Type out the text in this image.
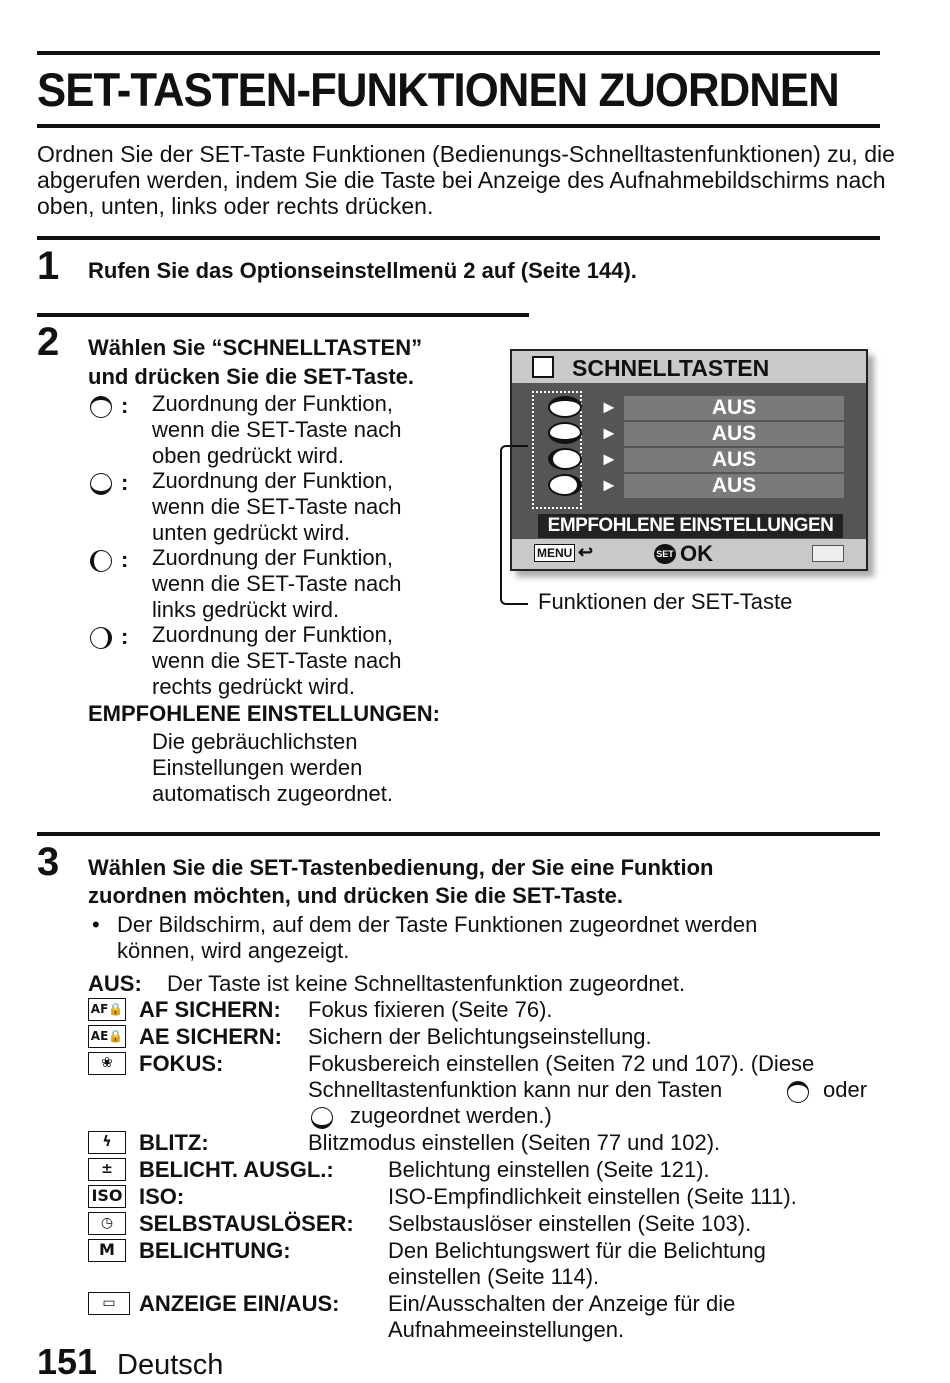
SET-TASTEN-FUNKTIONEN ZUORDNEN
Ordnen Sie der SET-Taste Funktionen (Bedienungs-Schnelltastenfunktionen) zu, die abgerufen werden, indem Sie die Taste bei Anzeige des Aufnahmebildschirms nach oben, unten, links oder rechts drücken.
1 Rufen Sie das Optionseinstellmenü 2 auf (Seite 144).
2 Wählen Sie “SCHNELLTASTEN”
und drücken Sie die SET-Taste.
: Zuordnung der Funktion,
wenn die SET-Taste nach
oben gedrückt wird.
: Zuordnung der Funktion,
wenn die SET-Taste nach
unten gedrückt wird.
: Zuordnung der Funktion,
wenn die SET-Taste nach
links gedrückt wird.
: Zuordnung der Funktion,
wenn die SET-Taste nach
rechts gedrückt wird.
EMPFOHLENE EINSTELLUNGEN:
Die gebräuchlichsten
Einstellungen werden
automatisch zugeordnet.
SCHNELLTASTEN
►
►
►
►
AUS
AUS
AUS
AUS
EMPFOHLENE EINSTELLUNGEN
MENU ↩	SET OK
Funktionen der SET-Taste
3 Wählen Sie die SET-Tastenbedienung, der Sie eine Funktion
zuordnen möchten, und drücken Sie die SET-Taste.
• Der Bildschirm, auf dem der Taste Funktionen zugeordnet werden
können, wird angezeigt.
AUS: Der Taste ist keine Schnelltastenfunktion zugeordnet.
AF🔒 AF SICHERN: Fokus fixieren (Seite 76).
AE🔒 AE SICHERN: Sichern der Belichtungseinstellung.
❀	FOKUS:	Fokusbereich einstellen (Seiten 72 und 107). (Diese
Schnelltastenfunktion kann nur den Tasten	oder
zugeordnet werden.)
ϟ	BLITZ:	Blitzmodus einstellen (Seiten 77 und 102).
±	BELICHT. AUSGL.: Belichtung einstellen (Seite 121).
ISO ISO:	ISO-Empfindlichkeit einstellen (Seite 111).
◷	SELBSTAUSLÖSER: Selbstauslöser einstellen (Seite 103).
M	BELICHTUNG:	Den Belichtungswert für die Belichtung
einstellen (Seite 114).
▭	ANZEIGE EIN/AUS: Ein/Ausschalten der Anzeige für die
Aufnahmeeinstellungen.
151 Deutsch
